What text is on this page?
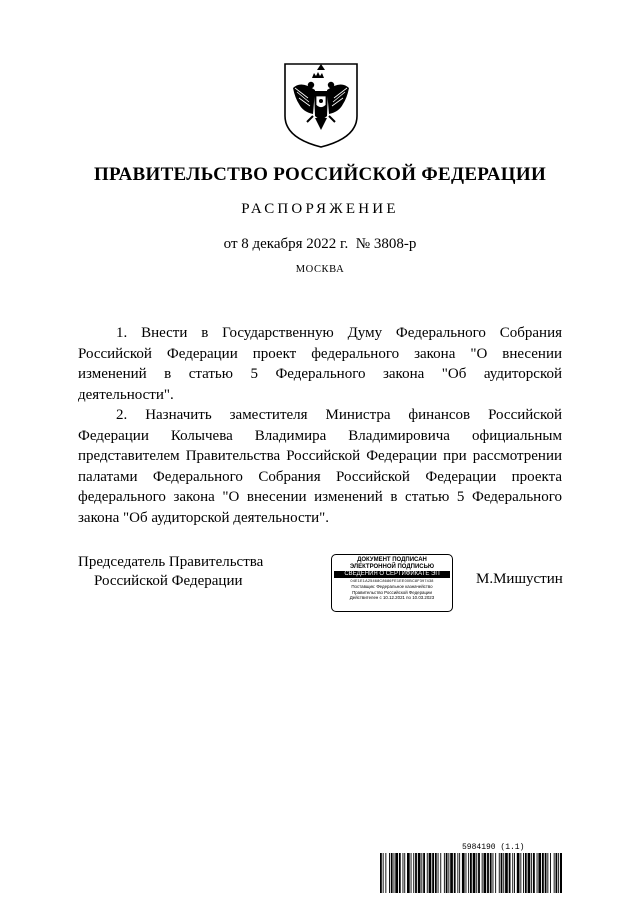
ПРАВИТЕЛЬСТВО РОССИЙСКОЙ ФЕДЕРАЦИИ
РАСПОРЯЖЕНИЕ
от 8 декабря 2022 г. № 3808-р
МОСКВА

1. Внести в Государственную Думу Федерального Собрания Российской Федерации проект федерального закона "О внесении изменений в статью 5 Федерального закона "Об аудиторской деятельности".

2. Назначить заместителя Министра финансов Российской Федерации Колычева Владимира Владимировича официальным представителем Правительства Российской Федерации при рассмотрении палатами Федерального Собрания Российской Федерации проекта федерального закона "О внесении изменений в статью 5 Федерального закона "Об аудиторской деятельности".

Председатель Правительства
Российской Федерации
ДОКУМЕНТ ПОДПИСАН
ЭЛЕКТРОННОЙ ПОДПИСЬЮ
СВЕДЕНИЯ О СЕРТИФИКАТЕ ЭП
04E1E1A25468C8686FE1EE00BC8F397438
Поставщик: Федеральное казначейство
Правительство Российской Федерации
Действителен с 10.12.2021 по 10.03.2023
М.Мишустин
5984190 (1.1)
